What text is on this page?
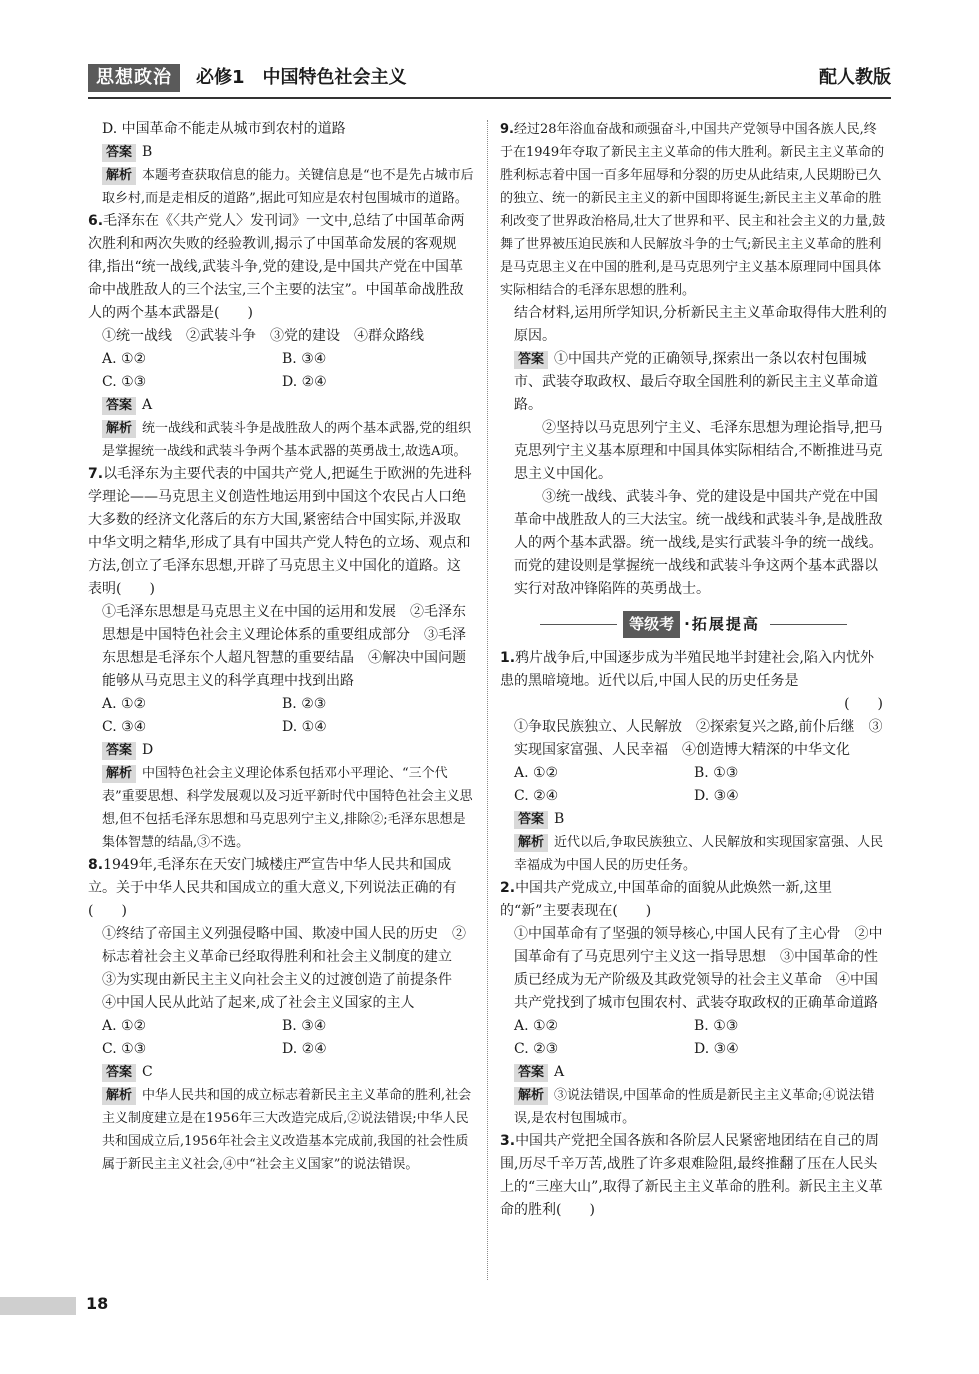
思想政治	必修1　中国特色社会主义	配人教版

D. 中国革命不能走从城市到农村的道路

答案 B

解析 本题考查获取信息的能力。关键信息是“也不是先占城市后取乡村,而是走相反的道路”,据此可知应是农村包围城市的道路。

6.毛泽东在《〈共产党人〉发刊词》一文中,总结了中国革命两次胜利和两次失败的经验教训,揭示了中国革命发展的客观规律,指出“统一战线,武装斗争,党的建设,是中国共产党在中国革命中战胜敌人的三个法宝,三个主要的法宝”。中国革命战胜敌人的两个基本武器是(　　)

①统一战线　②武装斗争　③党的建设　④群众路线

A. ①②	B. ③④
C. ①③	D. ②④

答案 A

解析 统一战线和武装斗争是战胜敌人的两个基本武器,党的组织是掌握统一战线和武装斗争两个基本武器的英勇战士,故选A项。

7.以毛泽东为主要代表的中国共产党人,把诞生于欧洲的先进科学理论——马克思主义创造性地运用到中国这个农民占人口绝大多数的经济文化落后的东方大国,紧密结合中国实际,并汲取中华文明之精华,形成了具有中国共产党人特色的立场、观点和方法,创立了毛泽东思想,开辟了马克思主义中国化的道路。这表明(　　)

①毛泽东思想是马克思主义在中国的运用和发展　②毛泽东思想是中国特色社会主义理论体系的重要组成部分　③毛泽东思想是毛泽东个人超凡智慧的重要结晶　④解决中国问题能够从马克思主义的科学真理中找到出路

A. ①②	B. ②③
C. ③④	D. ①④

答案 D

解析 中国特色社会主义理论体系包括邓小平理论、“三个代表”重要思想、科学发展观以及习近平新时代中国特色社会主义思想,但不包括毛泽东思想和马克思列宁主义,排除②;毛泽东思想是集体智慧的结晶,③不选。

8.1949年,毛泽东在天安门城楼庄严宣告中华人民共和国成立。关于中华人民共和国成立的重大意义,下列说法正确的有(　　)

①终结了帝国主义列强侵略中国、欺凌中国人民的历史　②标志着社会主义革命已经取得胜利和社会主义制度的建立　③为实现由新民主主义向社会主义的过渡创造了前提条件　④中国人民从此站了起来,成了社会主义国家的主人

A. ①②	B. ③④
C. ①③	D. ②④

答案 C

解析 中华人民共和国的成立标志着新民主主义革命的胜利,社会主义制度建立是在1956年三大改造完成后,②说法错误;中华人民共和国成立后,1956年社会主义改造基本完成前,我国的社会性质属于新民主主义社会,④中“社会主义国家”的说法错误。

9.经过28年浴血奋战和顽强奋斗,中国共产党领导中国各族人民,终于在1949年夺取了新民主主义革命的伟大胜利。新民主主义革命的胜利标志着中国一百多年屈辱和分裂的历史从此结束,人民期盼已久的独立、统一的新民主主义的新中国即将诞生;新民主主义革命的胜利改变了世界政治格局,壮大了世界和平、民主和社会主义的力量,鼓舞了世界被压迫民族和人民解放斗争的士气;新民主主义革命的胜利是马克思主义在中国的胜利,是马克思列宁主义基本原理同中国具体实际相结合的毛泽东思想的胜利。

结合材料,运用所学知识,分析新民主主义革命取得伟大胜利的原因。

答案 ①中国共产党的正确领导,探索出一条以农村包围城市、武装夺取政权、最后夺取全国胜利的新民主主义革命道路。

②坚持以马克思列宁主义、毛泽东思想为理论指导,把马克思列宁主义基本原理和中国具体实际相结合,不断推进马克思主义中国化。

③统一战线、武装斗争、党的建设是中国共产党在中国革命中战胜敌人的三大法宝。统一战线和武装斗争,是战胜敌人的两个基本武器。统一战线,是实行武装斗争的统一战线。而党的建设则是掌握统一战线和武装斗争这两个基本武器以实行对敌冲锋陷阵的英勇战士。

等级考 ·拓展提高

1.鸦片战争后,中国逐步成为半殖民地半封建社会,陷入内忧外患的黑暗境地。近代以后,中国人民的历史任务是

(　　)

①争取民族独立、人民解放　②探索复兴之路,前仆后继　③实现国家富强、人民幸福　④创造博大精深的中华文化

A. ①②	B. ①③
C. ②④	D. ③④

答案 B

解析 近代以后,争取民族独立、人民解放和实现国家富强、人民幸福成为中国人民的历史任务。

2.中国共产党成立,中国革命的面貌从此焕然一新,这里的“新”主要表现在(　　)

①中国革命有了坚强的领导核心,中国人民有了主心骨　②中国革命有了马克思列宁主义这一指导思想　③中国革命的性质已经成为无产阶级及其政党领导的社会主义革命　④中国共产党找到了城市包围农村、武装夺取政权的正确革命道路

A. ①②	B. ①③
C. ②③	D. ③④

答案 A

解析 ③说法错误,中国革命的性质是新民主主义革命;④说法错误,是农村包围城市。

3.中国共产党把全国各族和各阶层人民紧密地团结在自己的周围,历尽千辛万苦,战胜了许多艰难险阻,最终推翻了压在人民头上的“三座大山”,取得了新民主主义革命的胜利。新民主主义革命的胜利(　　)

18
